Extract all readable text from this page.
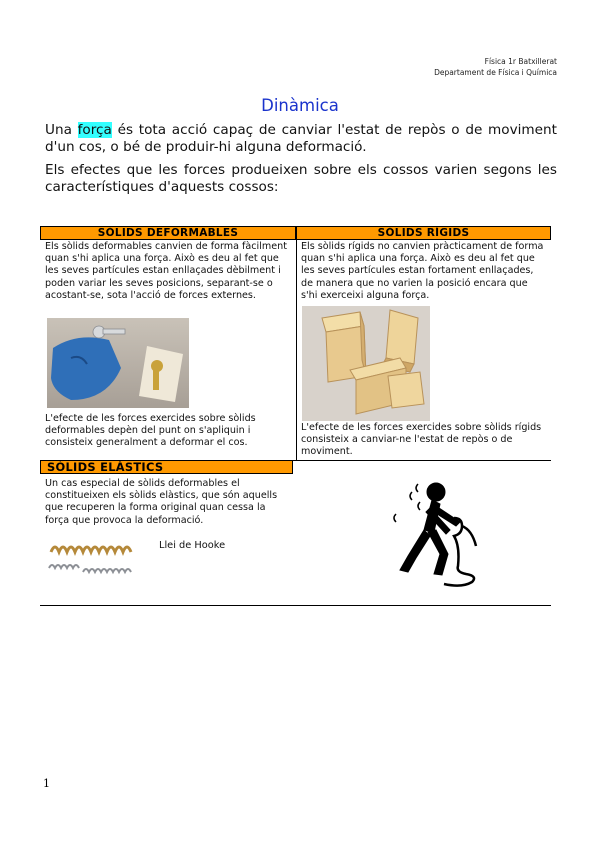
Física 1r Batxillerat
Departament de Física i Química
Dinàmica
Una força és tota acció capaç de canviar l'estat de repòs o de moviment d'un cos, o bé de produir-hi alguna deformació.
Els efectes que les forces produeixen sobre els cossos varien segons les característiques d'aquests cossos:
SÒLIDS DEFORMABLES	SÒLIDS RÍGIDS
Els sòlids deformables canvien de forma fàcilment quan s'hi aplica una força. Això es deu al fet que les seves partícules estan enllaçades dèbilment i poden variar les seves posicions, separant-se o acostant-se, sota l'acció de forces externes.
L'efecte de les forces exercides sobre sòlids deformables depèn del punt on s'apliquin i consisteix generalment a deformar el cos.
Els sòlids rígids no canvien pràcticament de forma quan s'hi aplica una força. Això es deu al fet que les seves partícules estan fortament enllaçades, de manera que no varien la posició encara que s'hi exerceixi alguna força.
L'efecte de les forces exercides sobre sòlids rígids consisteix a canviar-ne l'estat de repòs o de moviment.
SÒLIDS ELÀSTICS
Un cas especial de sòlids deformables el constitueixen els sòlids elàstics, que són aquells que recuperen la forma original quan cessa la força que provoca la deformació.
Llei de Hooke
1
